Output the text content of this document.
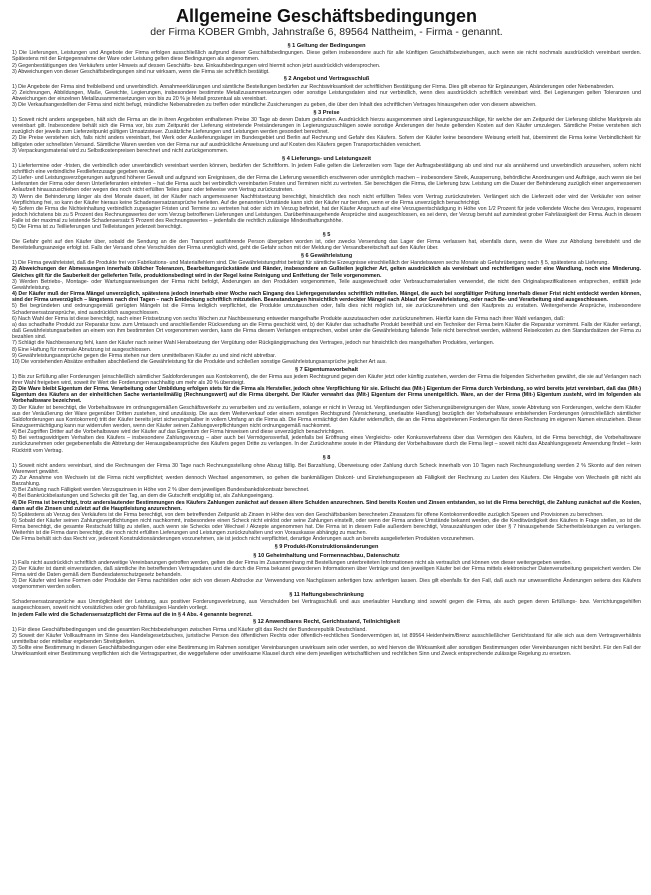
Allgemeine Geschäftsbedingungen
der Firma KOBER Gmbh, Jahnstraße 6, 89564 Nattheim, - Firma - genannt.
§ 1 Geltung der Bedingungen

1) Die Lieferungen, Leistungen und Angebote der Firma erfolgen ausschließlich aufgrund dieser Geschäftsbedingungen. Diese gelten insbesondere auch für alle künftigen Geschäftsbeziehungen, auch wenn sie nicht nochmals ausdrücklich vereinbart werden. Spätestens mit der Entgegennahme der Ware oder Leistung gelten diese Bedingungen als angenommen.

2) Gegenbestätigungen des Verkäufers unter Hinweis auf dessen Geschäfts- bzw. Einkaufsbedingungen wird hiermit schon jetzt ausdrücklich widersprochen.

3) Abweichungen von dieser Geschäftsbedingungen sind nur wirksam, wenn die Firma sie schriftlich bestätigt.

§ 2 Angebot und Vertragsschluß

1) Die Angebote der Firma sind freibleibend und unverbindlich. Annahmeerklärungen und sämtliche Bestellungen bedürfen zur Rechtswirksamkeit der schriftlichen Bestätigung der Firma. Dies gilt ebenso für Ergänzungen, Abänderungen oder Nebenabreden.

2) Zeichnungen, Abbildungen, Maße, Gewichte, Legierungen, insbesondere bestimmte Metallzusammensetzungen oder sonstige Leistungsdaten sind nur verbindlich, wenn dies ausdrücklich schriftlich vereinbart wird. Bei Legierungen gelten Toleranzen und Abweichungen der einzelnen Metallzusammensetzungen von bis zu 20 % je Metall prozentual als vereinbart.

3) Die Verkaufsangestellten der Firma sind nicht befugt, mündliche Nebenabreden zu treffen oder mündliche Zusicherungen zu geben, die über den Inhalt des schriftlichen Vertrages hinausgehen oder von diesem abweichen.

§ 3 Preise

1) Soweit nicht anders angegeben, hält sich die Firma an die in ihren Angeboten enthaltenen Preise 30 Tage ab deren Datum gebunden. Ausdrücklich hierzu ausgenommen sind Legierungszuschläge, für welche der am Zeitpunkt der Lieferung übliche Marktpreis als vereinbart gilt. Insbesondere behält sich die Firma vor, bis zum Zeitpunkt der Lieferung eintretende Preisänderungen in Legierungszuschlägen sowie sonstige Änderungen der heute geltenden Kosten auf den Käufer umzulegen. Sämtliche Preise verstehen sich zuzüglich der jeweils zum Lieferzeitpunkt gültigen Umsatzsteuer. Zusätzliche Lieferungen und Leistungen werden gesondert berechnet.

2) Die Preise verstehen sich, falls nicht anders vereinbart, frei Werk oder Auslieferungslager im Bundesgebiet und Berlin auf Rechnung und Gefahr des Käufers. Sofern der Käufer keine besondere Weisung erteilt hat, übernimmt die Firma keine Verbindlichkeit für billigsten oder schnellsten Versand. Sämtliche Waren werden von der Firma nur auf ausdrückliche Anweisung und auf Kosten des Käufers gegen Transportschäden versichert.

3) Verpackungsmaterial wird zu Selbstkostenpreisen berechnet und nicht zurückgenommen.

§ 4 Lieferungs- und Leistungszeit

1) Liefertermine oder -fristen, die verbindlich oder unverbindlich vereinbart werden können, bedürfen der Schriftform. In jedem Falle gelten die Lieferzeiten vom Tage der Auftragsbestätigung ab und sind nur als annähernd und unverbindlich anzusehen, sofern nicht schriftlich eine verbindliche Festlieferzusage gegeben wurde.

2) Liefer- und Leistungsverzögerungen aufgrund höherer Gewalt und aufgrund von Ereignissen, die der Firma die Lieferung wesentlich erschweren oder unmöglich machen – insbesondere Streik, Aussperrung, behördliche Anordnungen und Aufträge, auch wenn sie bei Lieferanten der Firma oder deren Unterlieferanten eintreten – hat die Firma auch bei verbindlich vereinbarten Fristen und Terminen nicht zu vertreten. Sie berechtigen die Firma, die Lieferung bzw. Leistung um die Dauer der Behinderung zuzüglich einer angemessenen Anlaufzeit hinauszuschieben oder wegen des noch nicht erfüllten Teiles ganz oder teilweise vom Vertrag zurückzutreten.

3) Wenn die Behinderung länger als drei Monate dauert, ist der Käufer nach angemessener Nachfristsetzung berechtigt, hinsichtlich des noch nicht erfüllten Teiles vom Vertrag zurückzutreten. Verlängert sich die Lieferzeit oder wird der Verkäufer von seiner Verpflichtung frei, so kann der Käufer hieraus keine Schadensersatzansprüche herleiten. Auf die genannten Umstände kann sich der Käufer nur berufen, wenn er die Firma unverzüglich benachrichtigt.

4) Sofern die Firma die Nichteinhaltung verbindlich zugesagter Fristen und Termine zu vertreten hat oder sich im Verzug befindet, hat der Käufer Anspruch auf eine Verzugsentschädigung in Höhe von 1/2 Prozent für jede vollendete Woche des Verzuges, insgesamt jedoch höchstens bis zu 5 Prozent des Rechnungswertes der vom Verzug betroffenen Lieferungen und Leistungen. Darüberhinausgehende Ansprüche sind ausgeschlossen, es sei denn, der Verzug beruht auf zumindest grober Fahrlässigkeit der Firma. Auch in diesem Falle ist der maximal zu leistende Schadensersatz 5 Prozent des Rechnungswertes – jedenfalls die rechtlich zulässige Mindesthaftungshöhe.

5) Die Firma ist zu Teillieferungen und Teilleistungen jederzeit berechtigt.

§ 5

Die Gefahr geht auf den Käufer über, sobald die Sendung an die den Transport ausführende Person übergeben worden ist, oder zwecks Versendung das Lager der Firma verlassen hat, ebenfalls dann, wenn die Ware zur Abholung bereitsteht und die Bereitstellungsanzeige erfolgt ist. Falls der Versand ohne Verschulden der Firma unmöglich wird, geht die Gefahr schon mit der Meldung der Versandbereitschaft auf den Käufer über.

§ 6 Gewährleistung

1) Die Firma gewährleistet, daß die Produkte frei von Fabrikations- und Materialfehlern sind. Die Gewährleistungsfrist beträgt für sämtliche Erzeugnisse einschließlich der Handelswaren sechs Monate ab Gefahrübergang nach § 5, spätestens ab Lieferung.

2) Abweichungen der Abmessungen innerhalb üblicher Toleranzen, Bearbeitungsrückstände und Ränder, insbesondere an Gußteilen jeglicher Art, gelten ausdrücklich als vereinbart und rechtfertigen weder eine Wandlung, noch eine Minderung. Gleiches gilt für die Sauberkeit der gelieferten Teile, produktionsbedingt wird in der Regel keine Reinigung und Entfettung der Teile vorgenommen.

3) Werden Betriebs-, Montage- oder Wartungsanweisungen der Firma nicht befolgt, Änderungen an den Produkten vorgenommen, Teile ausgewechselt oder Verbrauchsmaterialien verwendet, die nicht den Originalspezifikationen entsprechen, entfällt jede Gewährleistung.

4) Der Käufer muß der Firma Mängel unverzüglich, spätestens jedoch innerhalb einer Woche nach Eingang des Liefergegenstandes schriftlich mitteilen. Mängel, die auch bei sorgfältiger Prüfung innerhalb dieser Frist nicht entdeckt werden können, sind der Firma unverzüglich – längstens nach drei Tagen – nach Entdeckung schriftlich mitzuteilen. Beanstandungen hinsichtlich verdeckter Mängel nach Ablauf der Gewährleistung, oder nach Be- und Verarbeitung sind ausgeschlossen.

5) Bei begründeten und ordnungsgemäß gerügten Mängeln ist die Firma lediglich verpflichtet, die Produkte umzutauschen oder, falls dies nicht möglich ist, sie zurückzunehmen und den Kaufpreis zu erstatten. Weitergehende Ansprüche, insbesondere Schadensersatzansprüche, sind ausdrücklich ausgeschlossen.

6) Nach Wahl der Firma ist diese berechtigt, nach einer Fristsetzung von sechs Wochen zur Nachbesserung entweder mangelhafte Produkte auszutauschen oder zurückzunehmen. Hierfür kann die Firma nach ihrer Wahl verlangen, daß:

a) das schadhafte Produkt zur Reparatur bzw. zum Umtausch und anschließender Rücksendung an die Firma geschickt wird, b) der Käufer das schadhafte Produkt bereithält und ein Techniker der Firma beim Käufer die Reparatur vornimmt. Falls der Käufer verlangt, daß Gewährleistungsarbeiten an einem von ihm bestimmten Ort vorgenommen werden, kann die Firma diesem Verlangen entsprechen, wobei unter die Gewährleistung fallende Teile nicht berechnet werden, während Reisekosten zu den Standardsätzen der Firma zu bezahlen sind.

7) Schlägt die Nachbesserung fehl, kann der Käufer nach seiner Wahl Herabsetzung der Vergütung oder Rückgängigmachung des Vertrages, jedoch nur hinsichtlich des mangelhaften Produktes, verlangen.

8) Eine Haftung für normale Abnutzung ist ausgeschlossen.

9) Gewährleistungsansprüche gegen die Firma stehen nur dem unmittelbaren Käufer zu und sind nicht abtretbar.

10) Die vorstehenden Absätze enthalten abschließend die Gewährleistung für die Produkte und schließen sonstige Gewährleistungsansprüche jeglicher Art aus.

§ 7 Eigentumsvorbehalt

1) Bis zur Erfüllung aller Forderungen (einschließlich sämtlicher Saldoforderungen aus Kontokorrent), die der Firma aus jedem Rechtsgrund gegen den Käufer jetzt oder künftig zustehen, werden der Firma die folgenden Sicherheiten gewährt, die sie auf Verlangen nach ihrer Wahl freigeben wird, soweit ihr Wert die Forderungen nachhaltig um mehr als 20 % übersteigt.

2) Die Ware bleibt Eigentum der Firma. Verarbeitung oder Umbildung erfolgen stets für die Firma als Hersteller, jedoch ohne Verpflichtung für sie. Erlischt das (Mit-) Eigentum der Firma durch Verbindung, so wird bereits jetzt vereinbart, daß das (Mit-) Eigentum des Käufers an der einheitlichen Sache wertanteilmäßig (Rechnungswert) auf die Firma übergeht. Der Käufer verwahrt das (Mit-) Eigentum der Firma unentgeltlich. Ware, an der der Firma (Mit-) Eigentum zusteht, wird im folgenden als Vorbehaltsware bezeichnet.

3) Der Käufer ist berechtigt, die Vorbehaltsware im ordnungsgemäßen Geschäftsverkehr zu verarbeiten und zu veräußern, solange er nicht in Verzug ist. Verpfändungen oder Sicherungsübereignungen der Ware, sowie Abtretung von Forderungen, welche dem Käufer aus der Veräußerung der Ware gegenüber Dritten zustehen, sind unzulässig. Die aus dem Weiterverkauf oder einem sonstigen Rechtsgrund (Versicherung, unerlaubte Handlung) bezüglich der Vorbehaltsware entstehenden Forderungen (einschließlich sämtlicher Saldoforderungen aus Kontokorrent) tritt der Käufer bereits jetzt sicherungshalber in vollem Umfang an die Firma ab. Die Firma ermächtigt den Käufer widerruflich, die an die Firma abgetretenen Forderungen für deren Rechnung im eigenen Namen einzuziehen. Diese Einzugsermächtigung kann nur widerrufen werden, wenn der Käufer seinen Zahlungsverpflichtungen nicht ordnungsgemäß nachkommt.

4) Bei Zugriffen Dritter auf die Vorbehaltsware wird der Käufer auf das Eigentum der Firma hinweisen und diese unverzüglich benachrichtigen.

5) Bei vertragswidrigem Verhalten des Käufers – insbesondere Zahlungsverzug – aber auch bei Vermögensverfall, jedenfalls bei Eröffnung eines Vergleichs- oder Konkursverfahrens über das Vermögen des Käufers, ist die Firma berechtigt, die Vorbehaltsware zurückzunehmen oder gegebenenfalls die Abtretung der Herausgabeansprüche des Käufers gegen Dritte zu verlangen. In der Zurücknahme sowie in der Pfändung der Vorbehaltsware durch die Firma liegt – soweit nicht das Abzahlungsgesetz Anwendung findet – kein Rücktritt vom Vertrag.

§ 8

1) Soweit nicht anders vereinbart, sind die Rechnungen der Firma 30 Tage nach Rechnungsstellung ohne Abzug fällig. Bei Barzahlung, Überweisung oder Zahlung durch Scheck innerhalb von 10 Tagen nach Rechnungsstellung werden 2 % Skonto auf den reinen Warenwert gewährt.

2) Zur Annahme von Wechseln ist die Firma nicht verpflichtet; werden dennoch Wechsel angenommen, so gehen die bankmäßigen Diskont- und Einziehungsspesen ab Fälligkeit der Rechnung zu Lasten des Käufers. Die Hingabe von Wechseln gilt nicht als Barzahlung.

3) Bei Zahlung nach Fälligkeit werden Verzugszinsen in Höhe von 2 % über dem jeweiligen Bundesbankdiskontsatz berechnet.

4) Bei Bankrückbelastungen und Schecks gilt der Tag, an dem die Gutschrift endgültig ist, als Zahlungseingang.

4) Die Firma ist berechtigt, trotz anderslautender Bestimmungen des Käufers Zahlungen zunächst auf dessen ältere Schulden anzurechnen. Sind bereits Kosten und Zinsen entstanden, so ist die Firma berechtigt, die Zahlung zunächst auf die Kosten, dann auf die Zinsen und zuletzt auf die Hauptleistung anzurechnen.

5) Spätestens ab Verzug des Verkäufers ist die Firma berechtigt, von dem betreffenden Zeitpunkt ab Zinsen in Höhe des von den Geschäftsbanken berechneten Zinssatzes für offene Kontokorrentkredite zuzüglich Spesen und Provisionen zu berechnen.

6) Sobald der Käufer seinen Zahlungsverpflichtungen nicht nachkommt, insbesondere einen Scheck nicht einlöst oder seine Zahlungen einstellt, oder wenn der Firma andere Umstände bekannt werden, die die Kreditwürdigkeit des Käufers in Frage stellen, so ist die Firma berechtigt, die gesamte Restschuld fällig zu stellen, auch wenn sie Schecks oder Wechsel / Akzepte angenommen hat. Die Firma ist in diesem Falle außerdem berechtigt, Vorauszahlungen oder über § 7 hinausgehende Sicherheitsleistungen zu verlangen. Weiterhin ist die Firma dann berechtigt, die noch nicht erfüllten Lieferungen und Leistungen zurückzuhalten und von Vorauskasse abhängig zu machen.

Die Firma behält sich das Recht vor, jederzeit Konstruktionsänderungen vorzunehmen, sie ist jedoch nicht verpflichtet, derartige Änderungen auch an bereits ausgelieferten Produkten vorzunehmen.

§ 9 Produkt-/Konstruktionsänderungen
§ 10 Geheimhaltung und Formennachbau, Datenschutz

1) Falls nicht ausdrücklich schriftlich anderweitige Vereinbarungen getroffen werden, gelten die der Firma im Zusammenhang mit Bestellungen unterbreiteten Informationen nicht als vertraulich und können von dieser weitergegeben werden.

2) Der Käufer ist damit einverstanden, daß sämtliche ihn betreffenden Vertragsdaten und die durch die Firma bekannt gewordenen Informationen über Verträge und den jeweiligen Käufer bei der Firma mittels elektronischer Datenverarbeitung gespeichert werden. Die Firma wird die Daten gemäß dem Bundesdatenschutzgesetz behandeln.

3) Der Käufer wird keine Formen oder Produkte der Firma nachbilden oder sich von diesen Abdrucke zur Verwendung von Nachgüssen anfertigen bzw. anfertigen lassen. Dies gilt ebenfalls für den Fall, daß auch nur unwesentliche Änderungen seitens des Käufers vorgenommen werden sollen.

§ 11 Haftungsbeschränkung

Schadensersatzansprüche aus Unmöglichkeit der Leistung, aus positiver Forderungsverletzung, aus Verschulden bei Vertragsschluß und aus unerlaubter Handlung sind sowohl gegen die Firma, als auch gegen deren Erfüllungs- bzw. Verrichtungsgehilfen ausgeschlossen, soweit nicht vorsätzliches oder grob fahrlässiges Handeln vorliegt.

In jedem Falle wird die Schadensersatzpflicht der Firma auf die in § 4 Abs. 4 genannte begrenzt.

§ 12 Anwendbares Recht, Gerichtsstand, Teilnichtigkeit

1) Für diese Geschäftsbedingungen und die gesamten Rechtsbeziehungen zwischen Firma und Käufer gilt das Recht der Bundesrepublik Deutschland.

2) Soweit der Käufer Vollkaufmann im Sinne des Handelsgesetzbuches, juristische Person des öffentlichen Rechts oder öffentlich-rechtliches Sondervermögen ist, ist 89564 Heidenheim/Brenz ausschließlicher Gerichtsstand für alle sich aus dem Vertragsverhältnis unmittelbar oder mittelbar ergebenden Streitigkeiten.

3) Sollte eine Bestimmung in diesen Geschäftsbedingungen oder eine Bestimmung im Rahmen sonstiger Vereinbarungen unwirksam sein oder werden, so wird hiervon die Wirksamkeit aller sonstigen Bestimmungen oder Vereinbarungen nicht berührt. Für den Fall der Unwirksamkeit einer Bestimmung verpflichten sich die Vertragspartner, die weggefallene oder unwirksame Klausel durch eine dem jeweiligen wirtschaftlichen und rechtlichen Sinn und Zweck entsprechende zulässige Regelung zu ersetzen.
